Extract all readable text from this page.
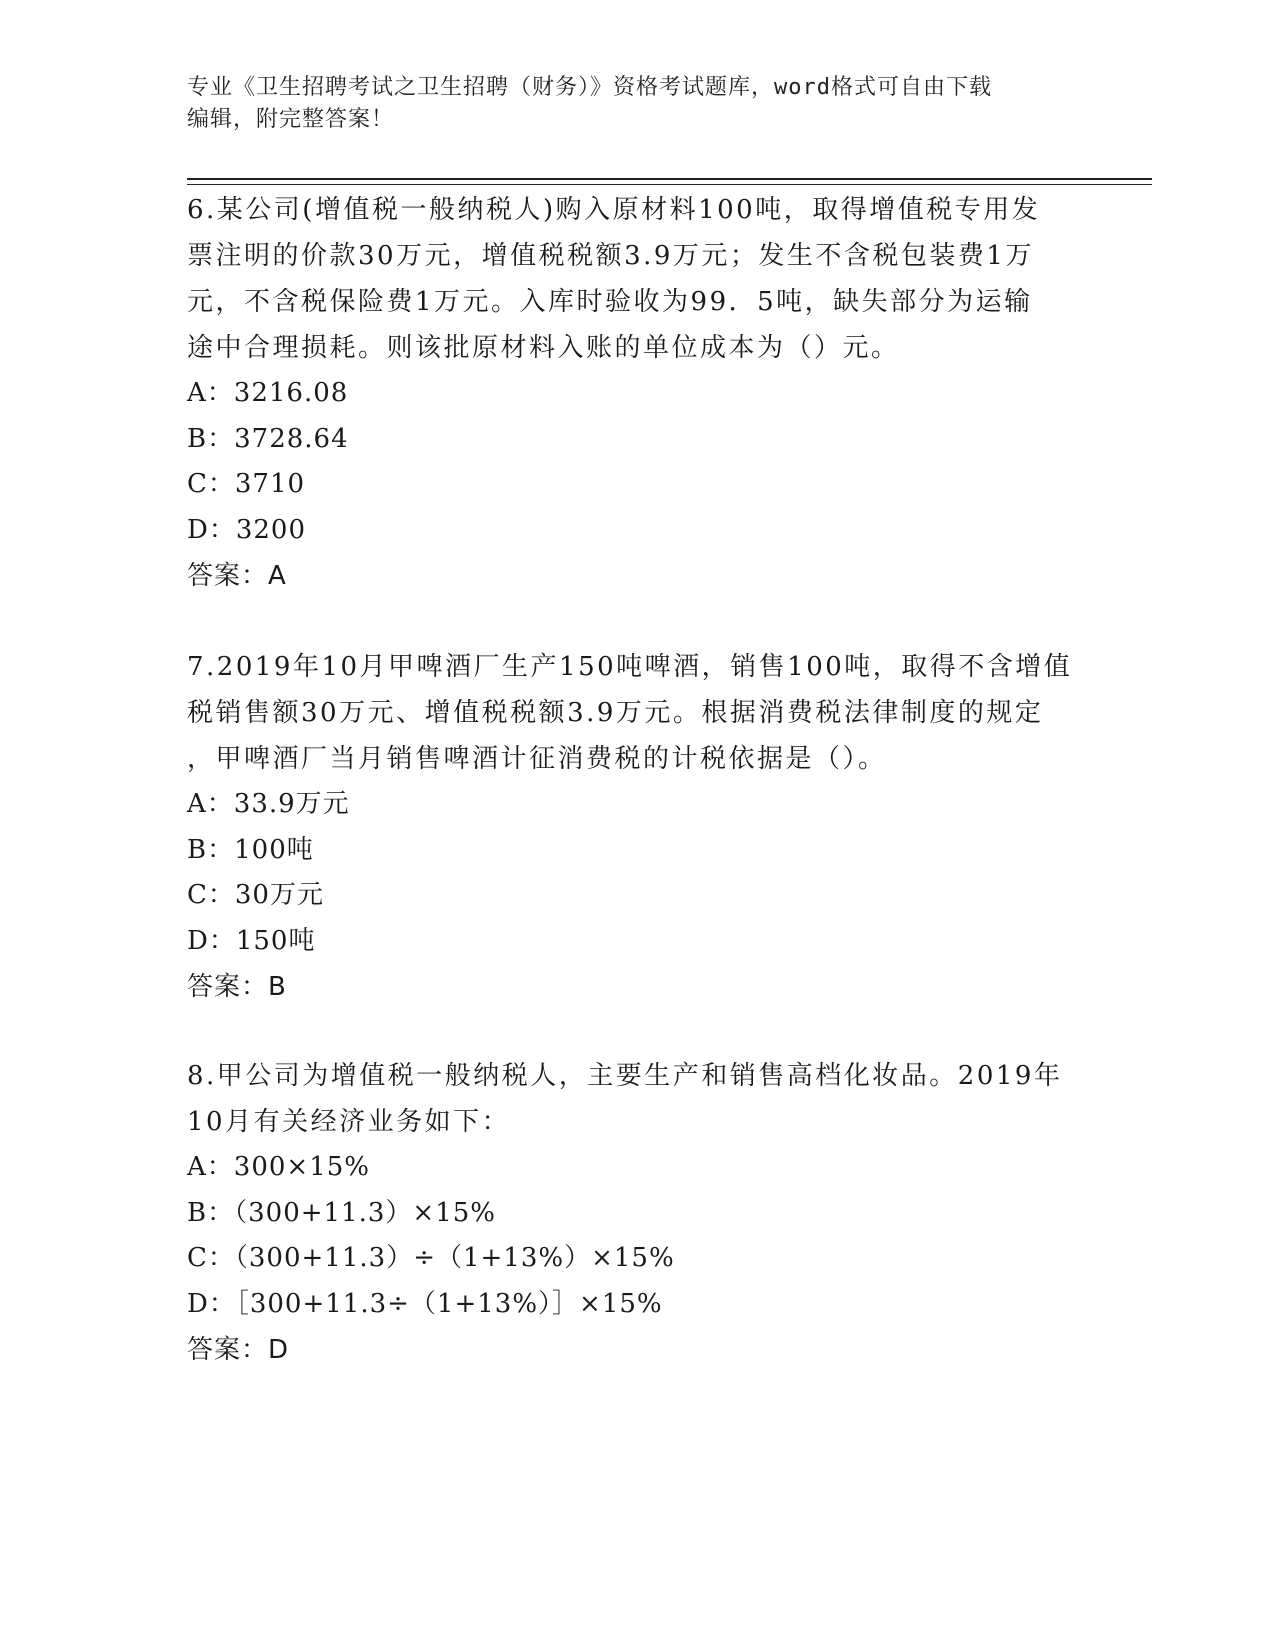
专业《卫生招聘考试之卫生招聘（财务）》资格考试题库，word格式可自由下载
编辑，附完整答案！

6.某公司(增值税一般纳税人)购入原材料100吨，取得增值税专用发

票注明的价款30万元，增值税税额3.9万元；发生不含税包装费1万

元，不含税保险费1万元。入库时验收为99．5吨，缺失部分为运输

途中合理损耗。则该批原材料入账的单位成本为（）元。

A：3216.08

B：3728.64

C：3710

D：3200

答案：A

7.2019年10月甲啤酒厂生产150吨啤酒，销售100吨，取得不含增值

税销售额30万元、增值税税额3.9万元。根据消费税法律制度的规定

，甲啤酒厂当月销售啤酒计征消费税的计税依据是（）。

A：33.9万元

B：100吨

C：30万元

D：150吨

答案：B

8.甲公司为增值税一般纳税人，主要生产和销售高档化妆品。2019年

10月有关经济业务如下：

A：300×15%

B：（300+11.3）×15%

C：（300+11.3）÷（1+13%）×15%

D：［300+11.3÷（1+13%）］×15%

答案：D
